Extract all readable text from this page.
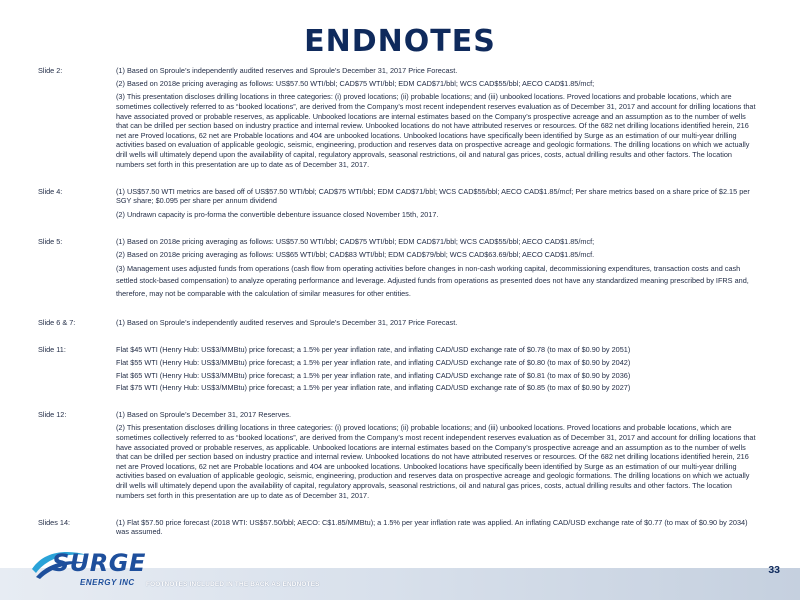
ENDNOTES
Slide 2:	(1) Based on Sproule’s independently audited reserves and Sproule’s December 31, 2017 Price Forecast.
(2) Based on 2018e pricing averaging as follows: US$57.50 WTI/bbl; CAD$75 WTI/bbl; EDM CAD$71/bbl; WCS CAD$55/bbl; AECO CAD$1.85/mcf;
(3) This presentation discloses drilling locations in three categories: (i) proved locations; (ii) probable locations; and (iii) unbooked locations. Proved locations and probable locations, which are sometimes collectively referred to as “booked locations”, are derived from the Company’s most recent independent reserves evaluation as of December 31, 2017 and account for drilling locations that have associated proved or probable reserves, as applicable. Unbooked locations are internal estimates based on the Company’s prospective acreage and an assumption as to the number of wells that can be drilled per section based on industry practice and internal review. Unbooked locations do not have attributed reserves or resources. Of the 682 net drilling locations identified herein, 216 net are Proved locations, 62 net are Probable locations and 404 are unbooked locations. Unbooked locations have specifically been identified by Surge as an estimation of our multi-year drilling activities based on evaluation of applicable geologic, seismic, engineering, production and reserves data on prospective acreage and geologic formations. The drilling locations on which we actually drill wells will ultimately depend upon the availability of capital, regulatory approvals, seasonal restrictions, oil and natural gas prices, costs, actual drilling results and other factors. The location numbers set forth in this presentation are up to date as of December 31, 2017.
Slide 4:	(1) US$57.50 WTI metrics are based off of US$57.50 WTI/bbl; CAD$75 WTI/bbl; EDM CAD$71/bbl; WCS CAD$55/bbl; AECO CAD$1.85/mcf; Per share metrics based on a share price of $2.15 per SGY share; $0.095 per share per annum dividend
(2) Undrawn capacity is pro-forma the convertible debenture issuance closed November 15th, 2017.
Slide 5:	(1) Based on 2018e pricing averaging as follows: US$57.50 WTI/bbl; CAD$75 WTI/bbl; EDM CAD$71/bbl; WCS CAD$55/bbl; AECO CAD$1.85/mcf;
(2) Based on 2018e pricing averaging as follows: US$65 WTI/bbl; CAD$83 WTI/bbl; EDM CAD$79/bbl; WCS CAD$63.69/bbl; AECO CAD$1.85/mcf.
(3) Management uses adjusted funds from operations (cash flow from operating activities before changes in non-cash working capital, decommissioning expenditures, transaction costs and cash settled stock-based compensation) to analyze operating performance and leverage. Adjusted funds from operations as presented does not have any standardized meaning prescribed by IFRS and, therefore, may not be comparable with the calculation of similar measures for other entities.
Slide 6 & 7:	(1) Based on Sproule’s independently audited reserves and Sproule’s December 31, 2017 Price Forecast.
Slide 11:	Flat $45 WTI (Henry Hub: US$3/MMBtu) price forecast; a 1.5% per year inflation rate, and inflating CAD/USD exchange rate of $0.78 (to max of $0.90 by 2051)
Flat $55 WTI (Henry Hub: US$3/MMBtu) price forecast; a 1.5% per year inflation rate, and inflating CAD/USD exchange rate of $0.80 (to max of $0.90 by 2042)
Flat $65 WTI (Henry Hub: US$3/MMBtu) price forecast; a 1.5% per year inflation rate, and inflating CAD/USD exchange rate of $0.81 (to max of $0.90 by 2036)
Flat $75 WTI (Henry Hub: US$3/MMBtu) price forecast; a 1.5% per year inflation rate, and inflating CAD/USD exchange rate of $0.85 (to max of $0.90 by 2027)
Slide 12:	(1) Based on Sproule’s December 31, 2017 Reserves.
(2) This presentation discloses drilling locations in three categories: (i) proved locations; (ii) probable locations; and (iii) unbooked locations. Proved locations and probable locations, which are sometimes collectively referred to as “booked locations”, are derived from the Company’s most recent independent reserves evaluation as of December 31, 2017 and account for drilling locations that have associated proved or probable reserves, as applicable. Unbooked locations are internal estimates based on the Company’s prospective acreage and an assumption as to the number of wells that can be drilled per section based on industry practice and internal review. Unbooked locations do not have attributed reserves or resources. Of the 682 net drilling locations identified herein, 216 net are Proved locations, 62 net are Probable locations and 404 are unbooked locations. Unbooked locations have specifically been identified by Surge as an estimation of our multi-year drilling activities based on evaluation of applicable geologic, seismic, engineering, production and reserves data on prospective acreage and geologic formations. The drilling locations on which we actually drill wells will ultimately depend upon the availability of capital, regulatory approvals, seasonal restrictions, oil and natural gas prices, costs, actual drilling results and other factors. The location numbers set forth in this presentation are up to date as of December 31, 2017.
Slides 14:	(1) Flat $57.50 price forecast (2018 WTI: US$57.50/bbl; AECO: C$1.85/MMBtu); a 1.5% per year inflation rate was applied. An inflating CAD/USD exchange rate of $0.77 (to max of $0.90 by 2034) was assumed.
SURGE
ENERGY INC FOOTNOTES INCLUDED IN THE BACK AS ENDNOTES
33
